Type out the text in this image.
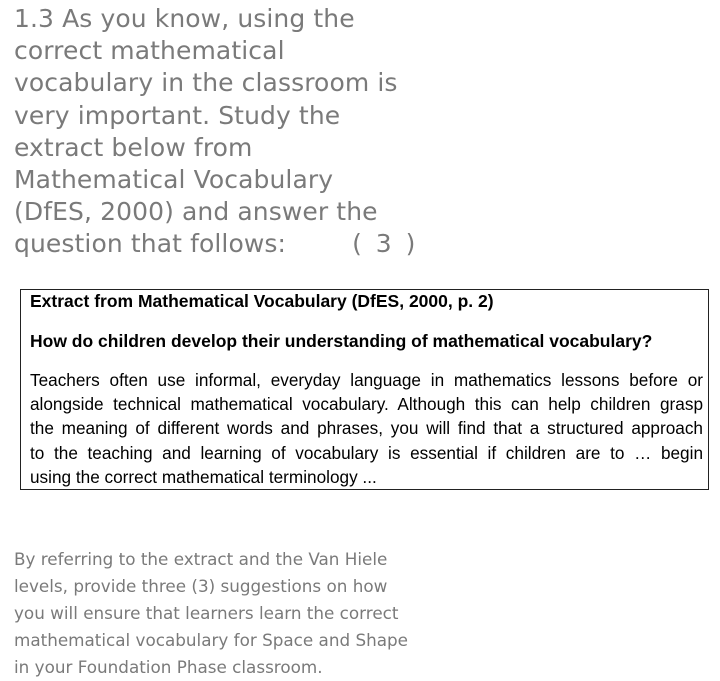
1.3 As you know, using the
correct mathematical
vocabulary in the classroom is
very important. Study the
extract below from
Mathematical Vocabulary
(DfES, 2000) and answer the
question that follows:	( 3 )
Extract from Mathematical Vocabulary (DfES, 2000, p. 2)
How do children develop their understanding of mathematical vocabulary?
Teachers often use informal, everyday language in mathematics lessons before or
alongside technical mathematical vocabulary. Although this can help children grasp
the meaning of different words and phrases, you will find that a structured approach
to the teaching and learning of vocabulary is essential if children are to … begin
using the correct mathematical terminology ...
By referring to the extract and the Van Hiele
levels, provide three (3) suggestions on how
you will ensure that learners learn the correct
mathematical vocabulary for Space and Shape
in your Foundation Phase classroom.
